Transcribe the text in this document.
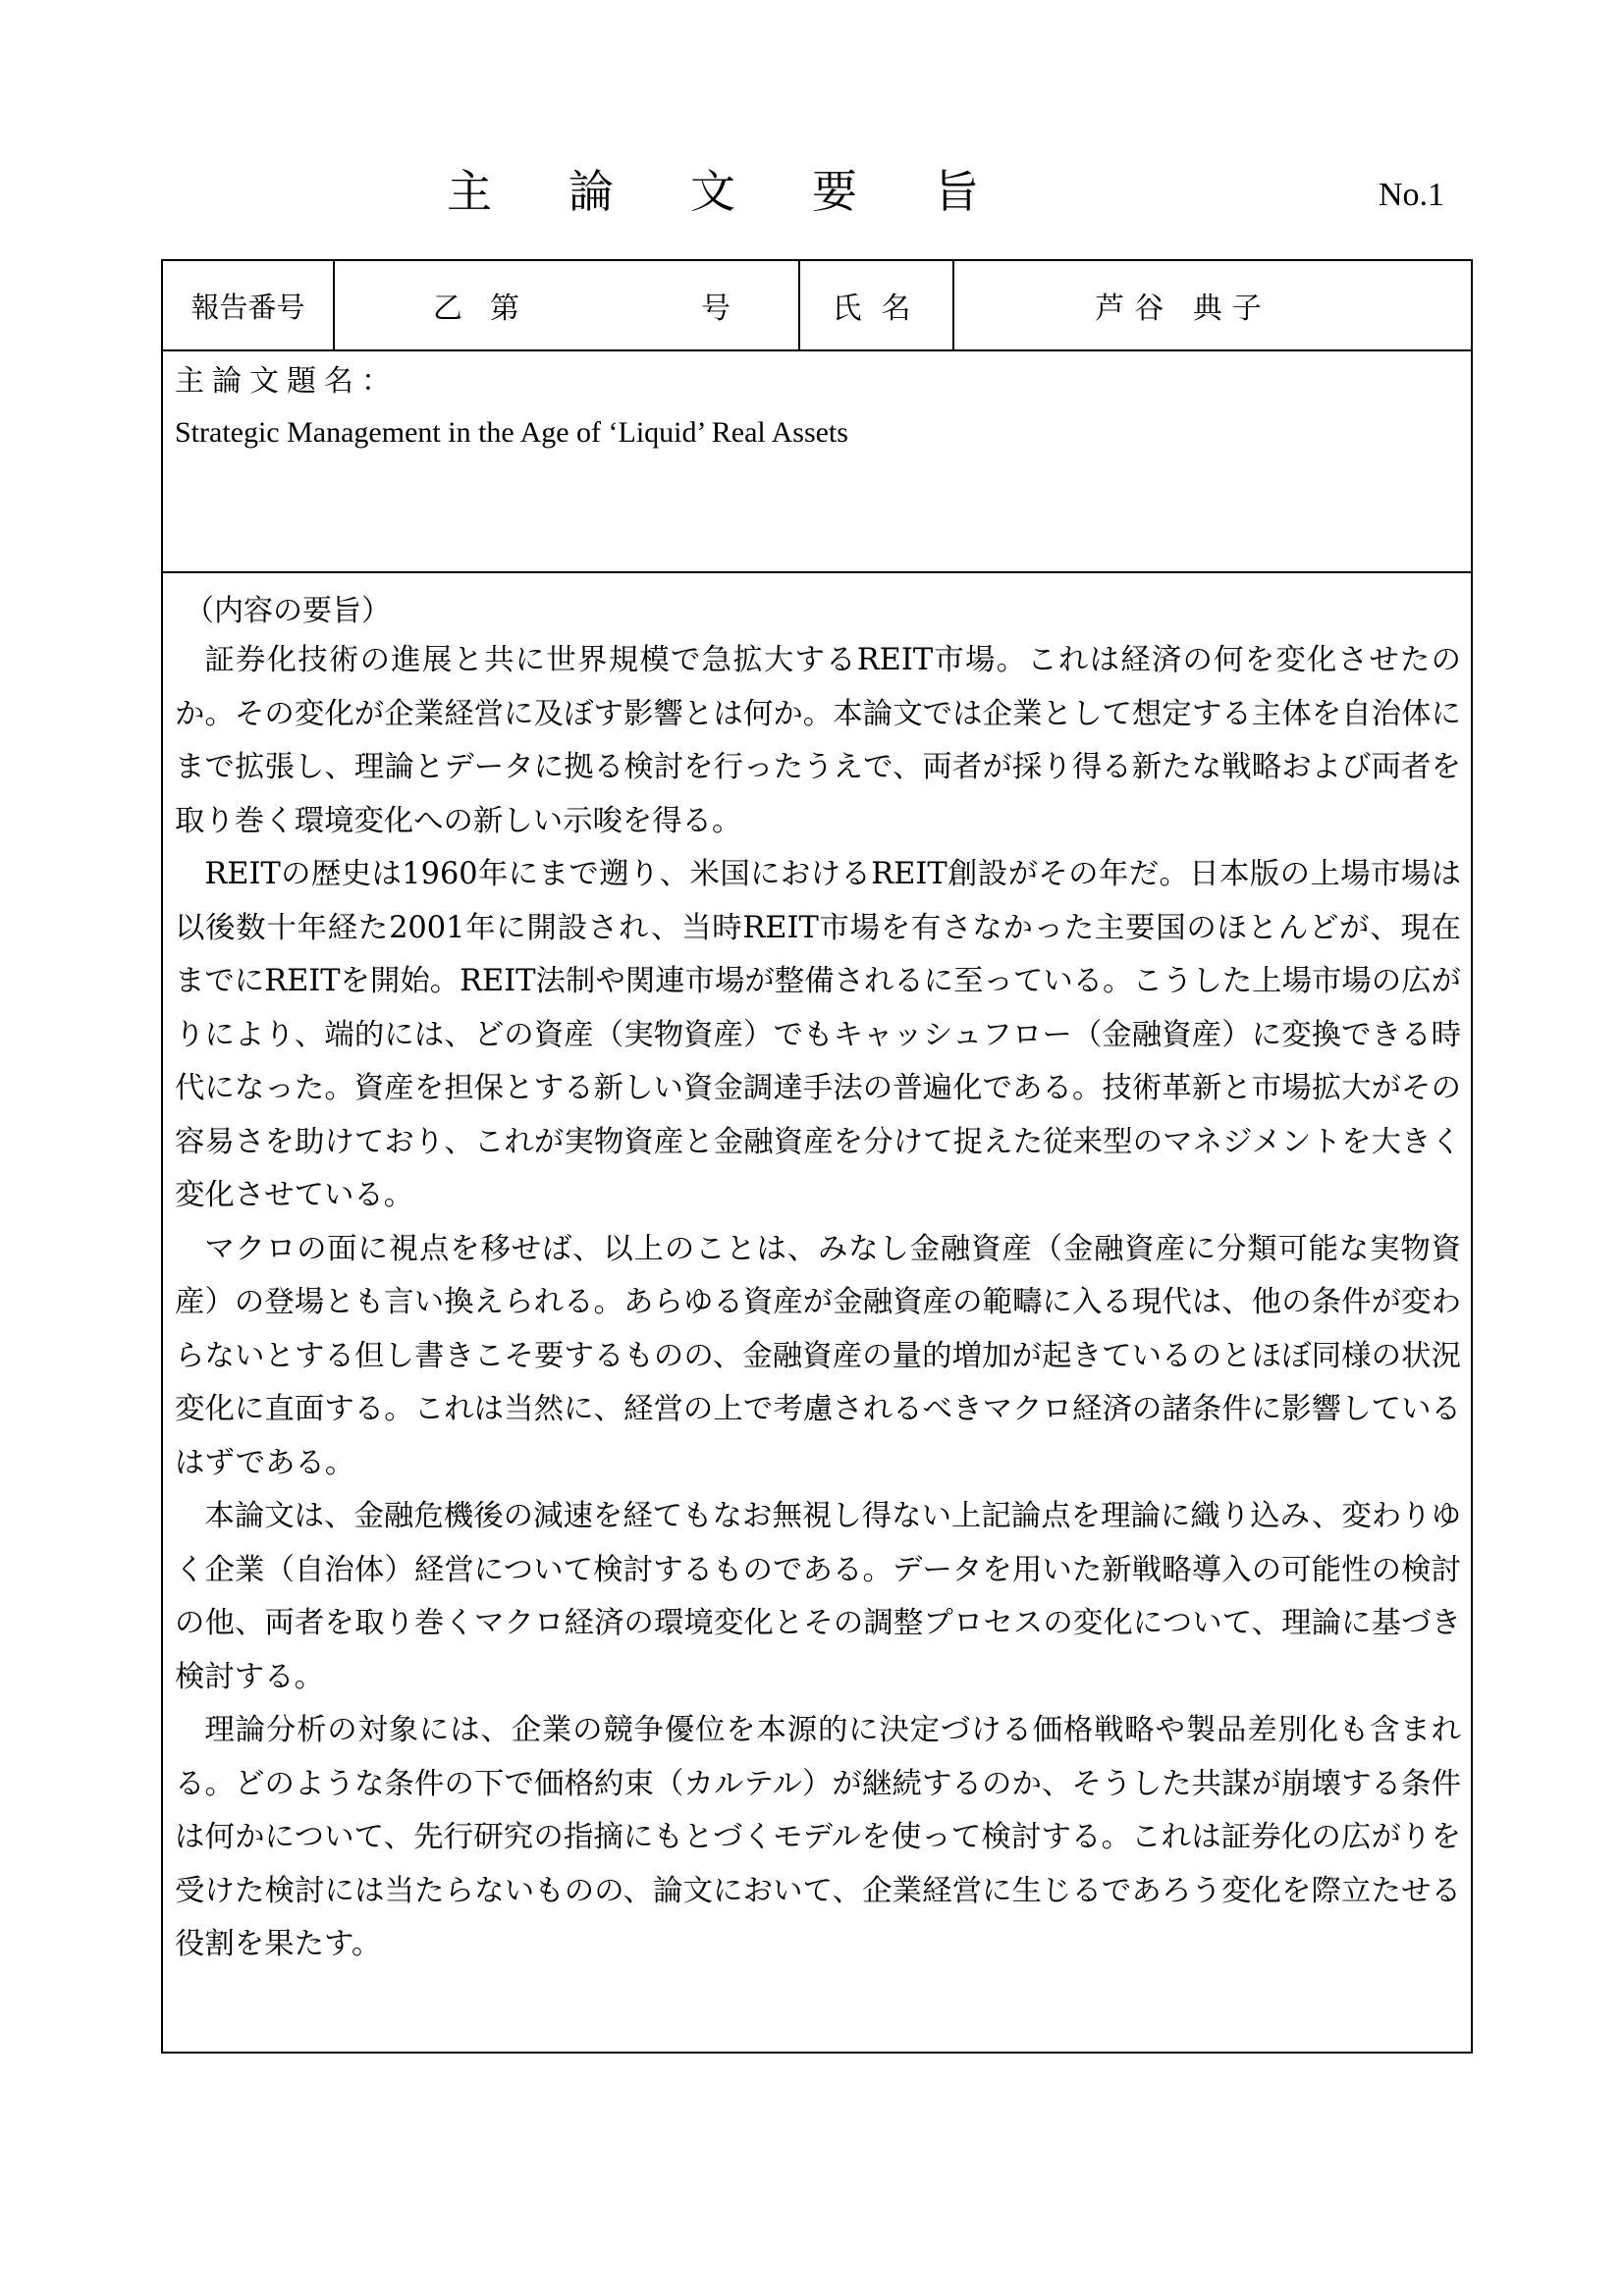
主論文要旨	No.1
報告番号	乙 第	号	氏名	芦谷 典子
主論文題名：
Strategic Management in the Age of ‘Liquid’ Real Assets
（内容の要旨）

証券化技術の進展と共に世界規模で急拡大するREIT市場。これは経済の何を変化させたのか。その変化が企業経営に及ぼす影響とは何か。本論文では企業として想定する主体を自治体にまで拡張し、理論とデータに拠る検討を行ったうえで、両者が採り得る新たな戦略および両者を取り巻く環境変化への新しい示唆を得る。

REITの歴史は1960年にまで遡り、米国におけるREIT創設がその年だ。日本版の上場市場は以後数十年経た2001年に開設され、当時REIT市場を有さなかった主要国のほとんどが、現在までにREITを開始。REIT法制や関連市場が整備されるに至っている。こうした上場市場の広がりにより、端的には、どの資産（実物資産）でもキャッシュフロー（金融資産）に変換できる時代になった。資産を担保とする新しい資金調達手法の普遍化である。技術革新と市場拡大がその容易さを助けており、これが実物資産と金融資産を分けて捉えた従来型のマネジメントを大きく変化させている。

マクロの面に視点を移せば、以上のことは、みなし金融資産（金融資産に分類可能な実物資産）の登場とも言い換えられる。あらゆる資産が金融資産の範疇に入る現代は、他の条件が変わらないとする但し書きこそ要するものの、金融資産の量的増加が起きているのとほぼ同様の状況変化に直面する。これは当然に、経営の上で考慮されるべきマクロ経済の諸条件に影響しているはずである。

本論文は、金融危機後の減速を経てもなお無視し得ない上記論点を理論に織り込み、変わりゆく企業（自治体）経営について検討するものである。データを用いた新戦略導入の可能性の検討の他、両者を取り巻くマクロ経済の環境変化とその調整プロセスの変化について、理論に基づき検討する。

理論分析の対象には、企業の競争優位を本源的に決定づける価格戦略や製品差別化も含まれる。どのような条件の下で価格約束（カルテル）が継続するのか、そうした共謀が崩壊する条件は何かについて、先行研究の指摘にもとづくモデルを使って検討する。これは証券化の広がりを受けた検討には当たらないものの、論文において、企業経営に生じるであろう変化を際立たせる役割を果たす。
